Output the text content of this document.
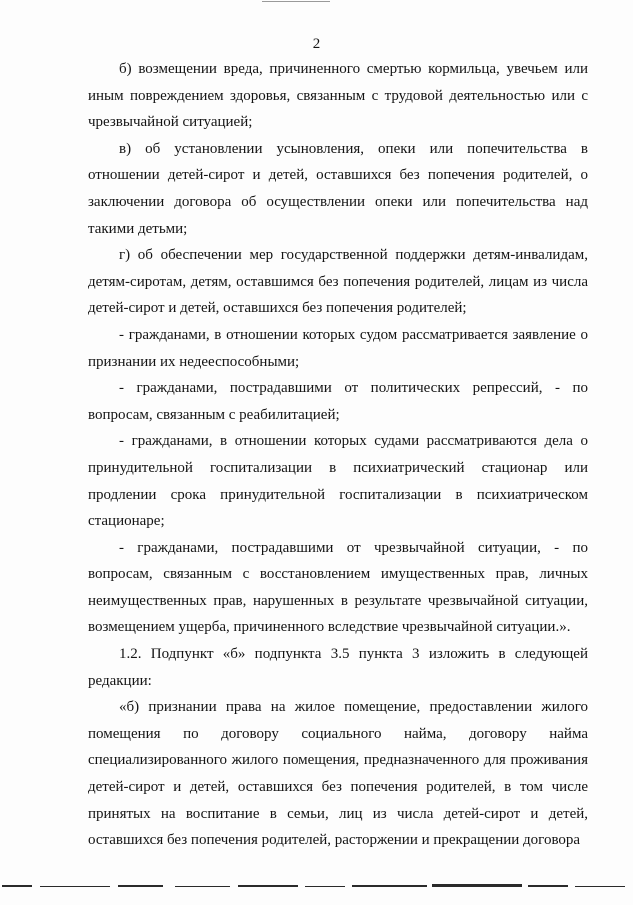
2

б) возмещении вреда, причиненного смертью кормильца, увечьем или иным повреждением здоровья, связанным с трудовой деятельностью или с чрезвычайной ситуацией;

в) об установлении усыновления, опеки или попечительства в отношении детей-сирот и детей, оставшихся без попечения родителей, о заключении договора об осуществлении опеки или попечительства над такими детьми;

г) об обеспечении мер государственной поддержки детям-инвалидам, детям-сиротам, детям, оставшимся без попечения родителей, лицам из числа детей-сирот и детей, оставшихся без попечения родителей;

- гражданами, в отношении которых судом рассматривается заявление о признании их недееспособными;

- гражданами, пострадавшими от политических репрессий, - по вопросам, связанным с реабилитацией;

- гражданами, в отношении которых судами рассматриваются дела о принудительной госпитализации в психиатрический стационар или продлении срока принудительной госпитализации в психиатрическом стационаре;

- гражданами, пострадавшими от чрезвычайной ситуации, - по вопросам, связанным с восстановлением имущественных прав, личных неимущественных прав, нарушенных в результате чрезвычайной ситуации, возмещением ущерба, причиненного вследствие чрезвычайной ситуации.».

1.2. Подпункт «б» подпункта 3.5 пункта 3 изложить в следующей редакции:

«б) признании права на жилое помещение, предоставлении жилого помещения по договору социального найма, договору найма специализированного жилого помещения, предназначенного для проживания детей-сирот и детей, оставшихся без попечения родителей, в том числе принятых на воспитание в семьи, лиц из числа детей-сирот и детей, оставшихся без попечения родителей, расторжении и прекращении договора
